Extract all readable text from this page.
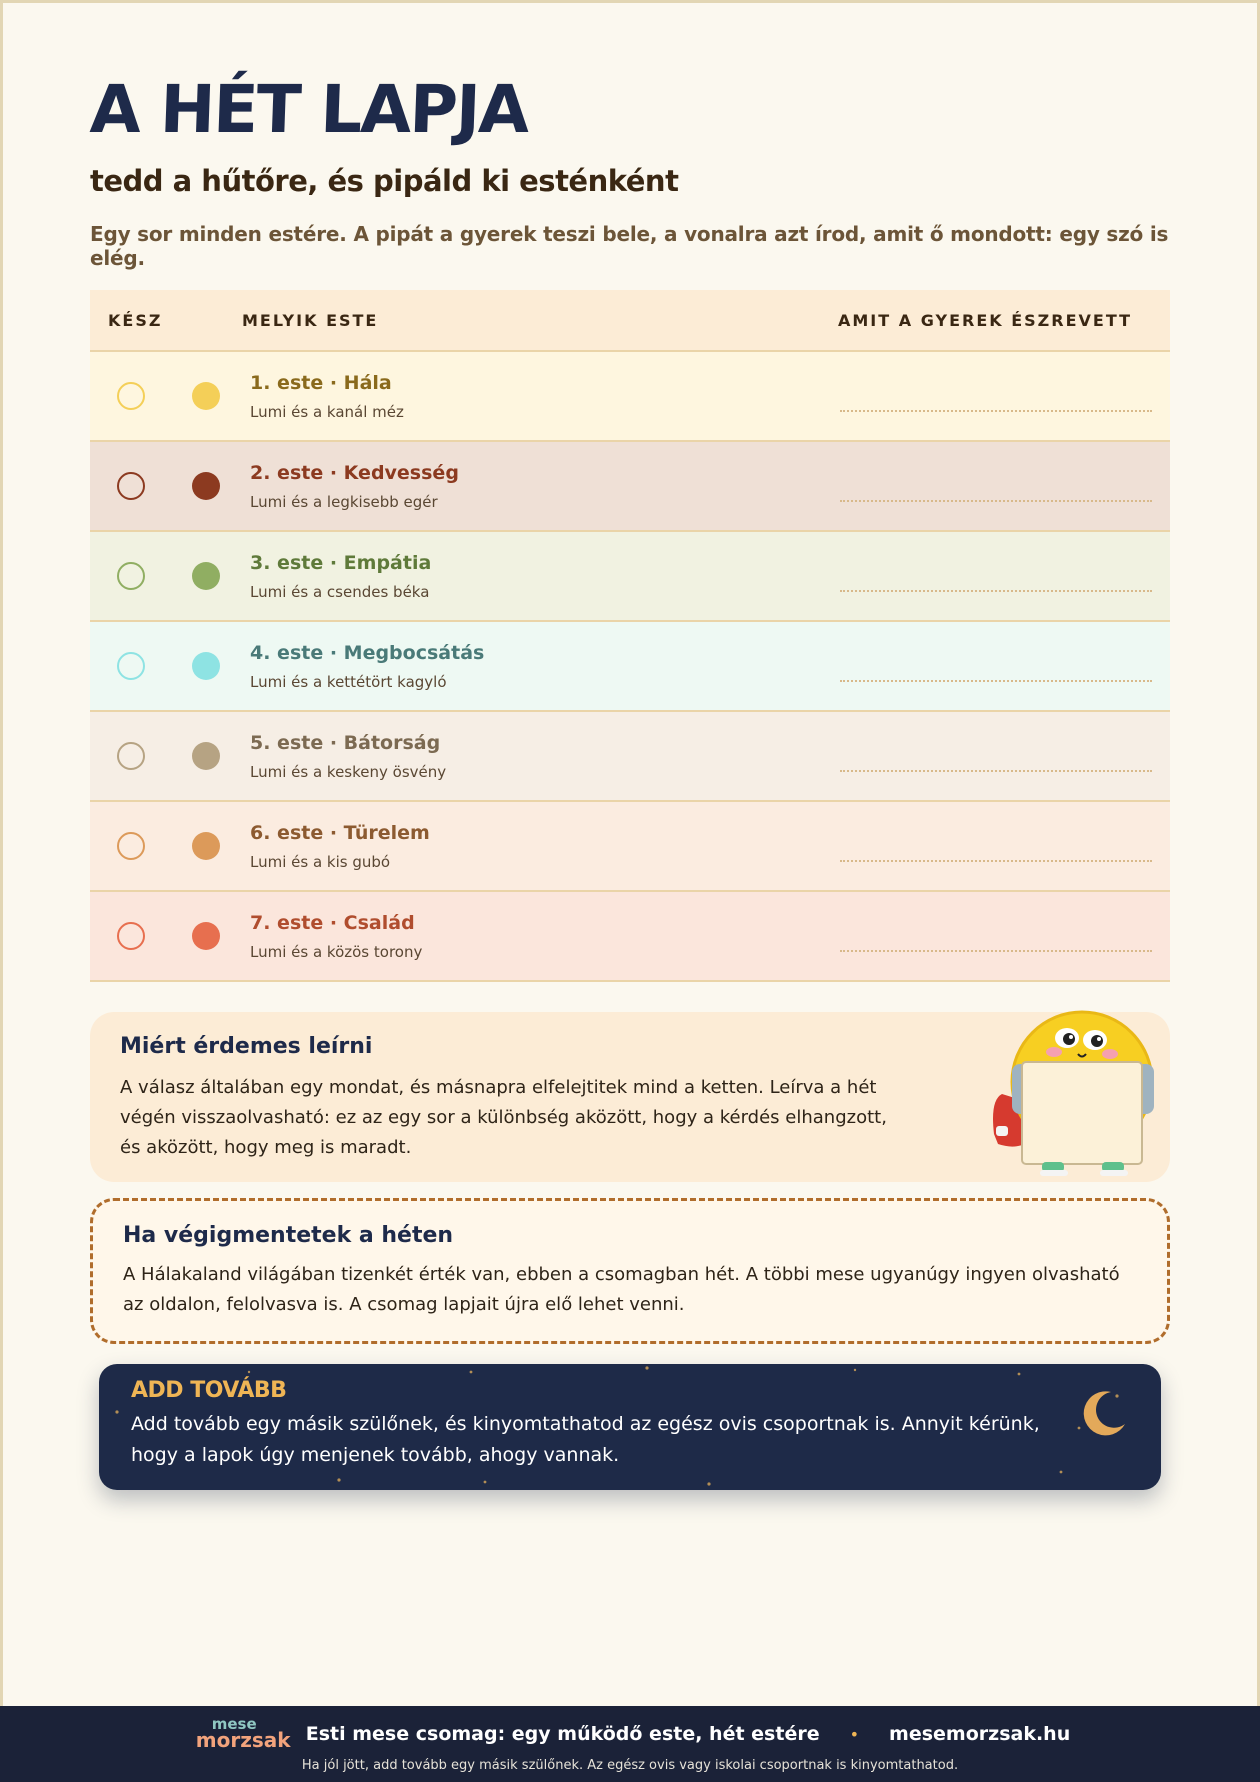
A HÉT LAPJA
tedd a hűtőre, és pipáld ki esténként
Egy sor minden estére. A pipát a gyerek teszi bele, a vonalra azt írod, amit ő mondott: egy szó is elég.
KÉSZ	MELYIK ESTE	AMIT A GYEREK ÉSZREVETT
1. este · Hála
Lumi és a kanál méz
2. este · Kedvesség
Lumi és a legkisebb egér
3. este · Empátia
Lumi és a csendes béka
4. este · Megbocsátás
Lumi és a kettétört kagyló
5. este · Bátorság
Lumi és a keskeny ösvény
6. este · Türelem
Lumi és a kis gubó
7. este · Család
Lumi és a közös torony
Miért érdemes leírni

A válasz általában egy mondat, és másnapra elfelejtitek mind a ketten. Leírva a hét végén visszaolvasható: ez az egy sor a különbség aközött, hogy a kérdés elhangzott, és aközött, hogy meg is maradt.

Ha végigmentetek a héten

A Hálakaland világában tizenkét érték van, ebben a csomagban hét. A többi mese ugyanúgy ingyen olvasható az oldalon, felolvasva is. A csomag lapjait újra elő lehet venni.

ADD TOVÁBB

Add tovább egy másik szülőnek, és kinyomtathatod az egész ovis csoportnak is. Annyit kérünk, hogy a lapok úgy menjenek tovább, ahogy vannak.

mese
morzsak Esti mese csomag: egy működő este, hét estére • mesemorzsak.hu
Ha jól jött, add tovább egy másik szülőnek. Az egész ovis vagy iskolai csoportnak is kinyomtathatod.
